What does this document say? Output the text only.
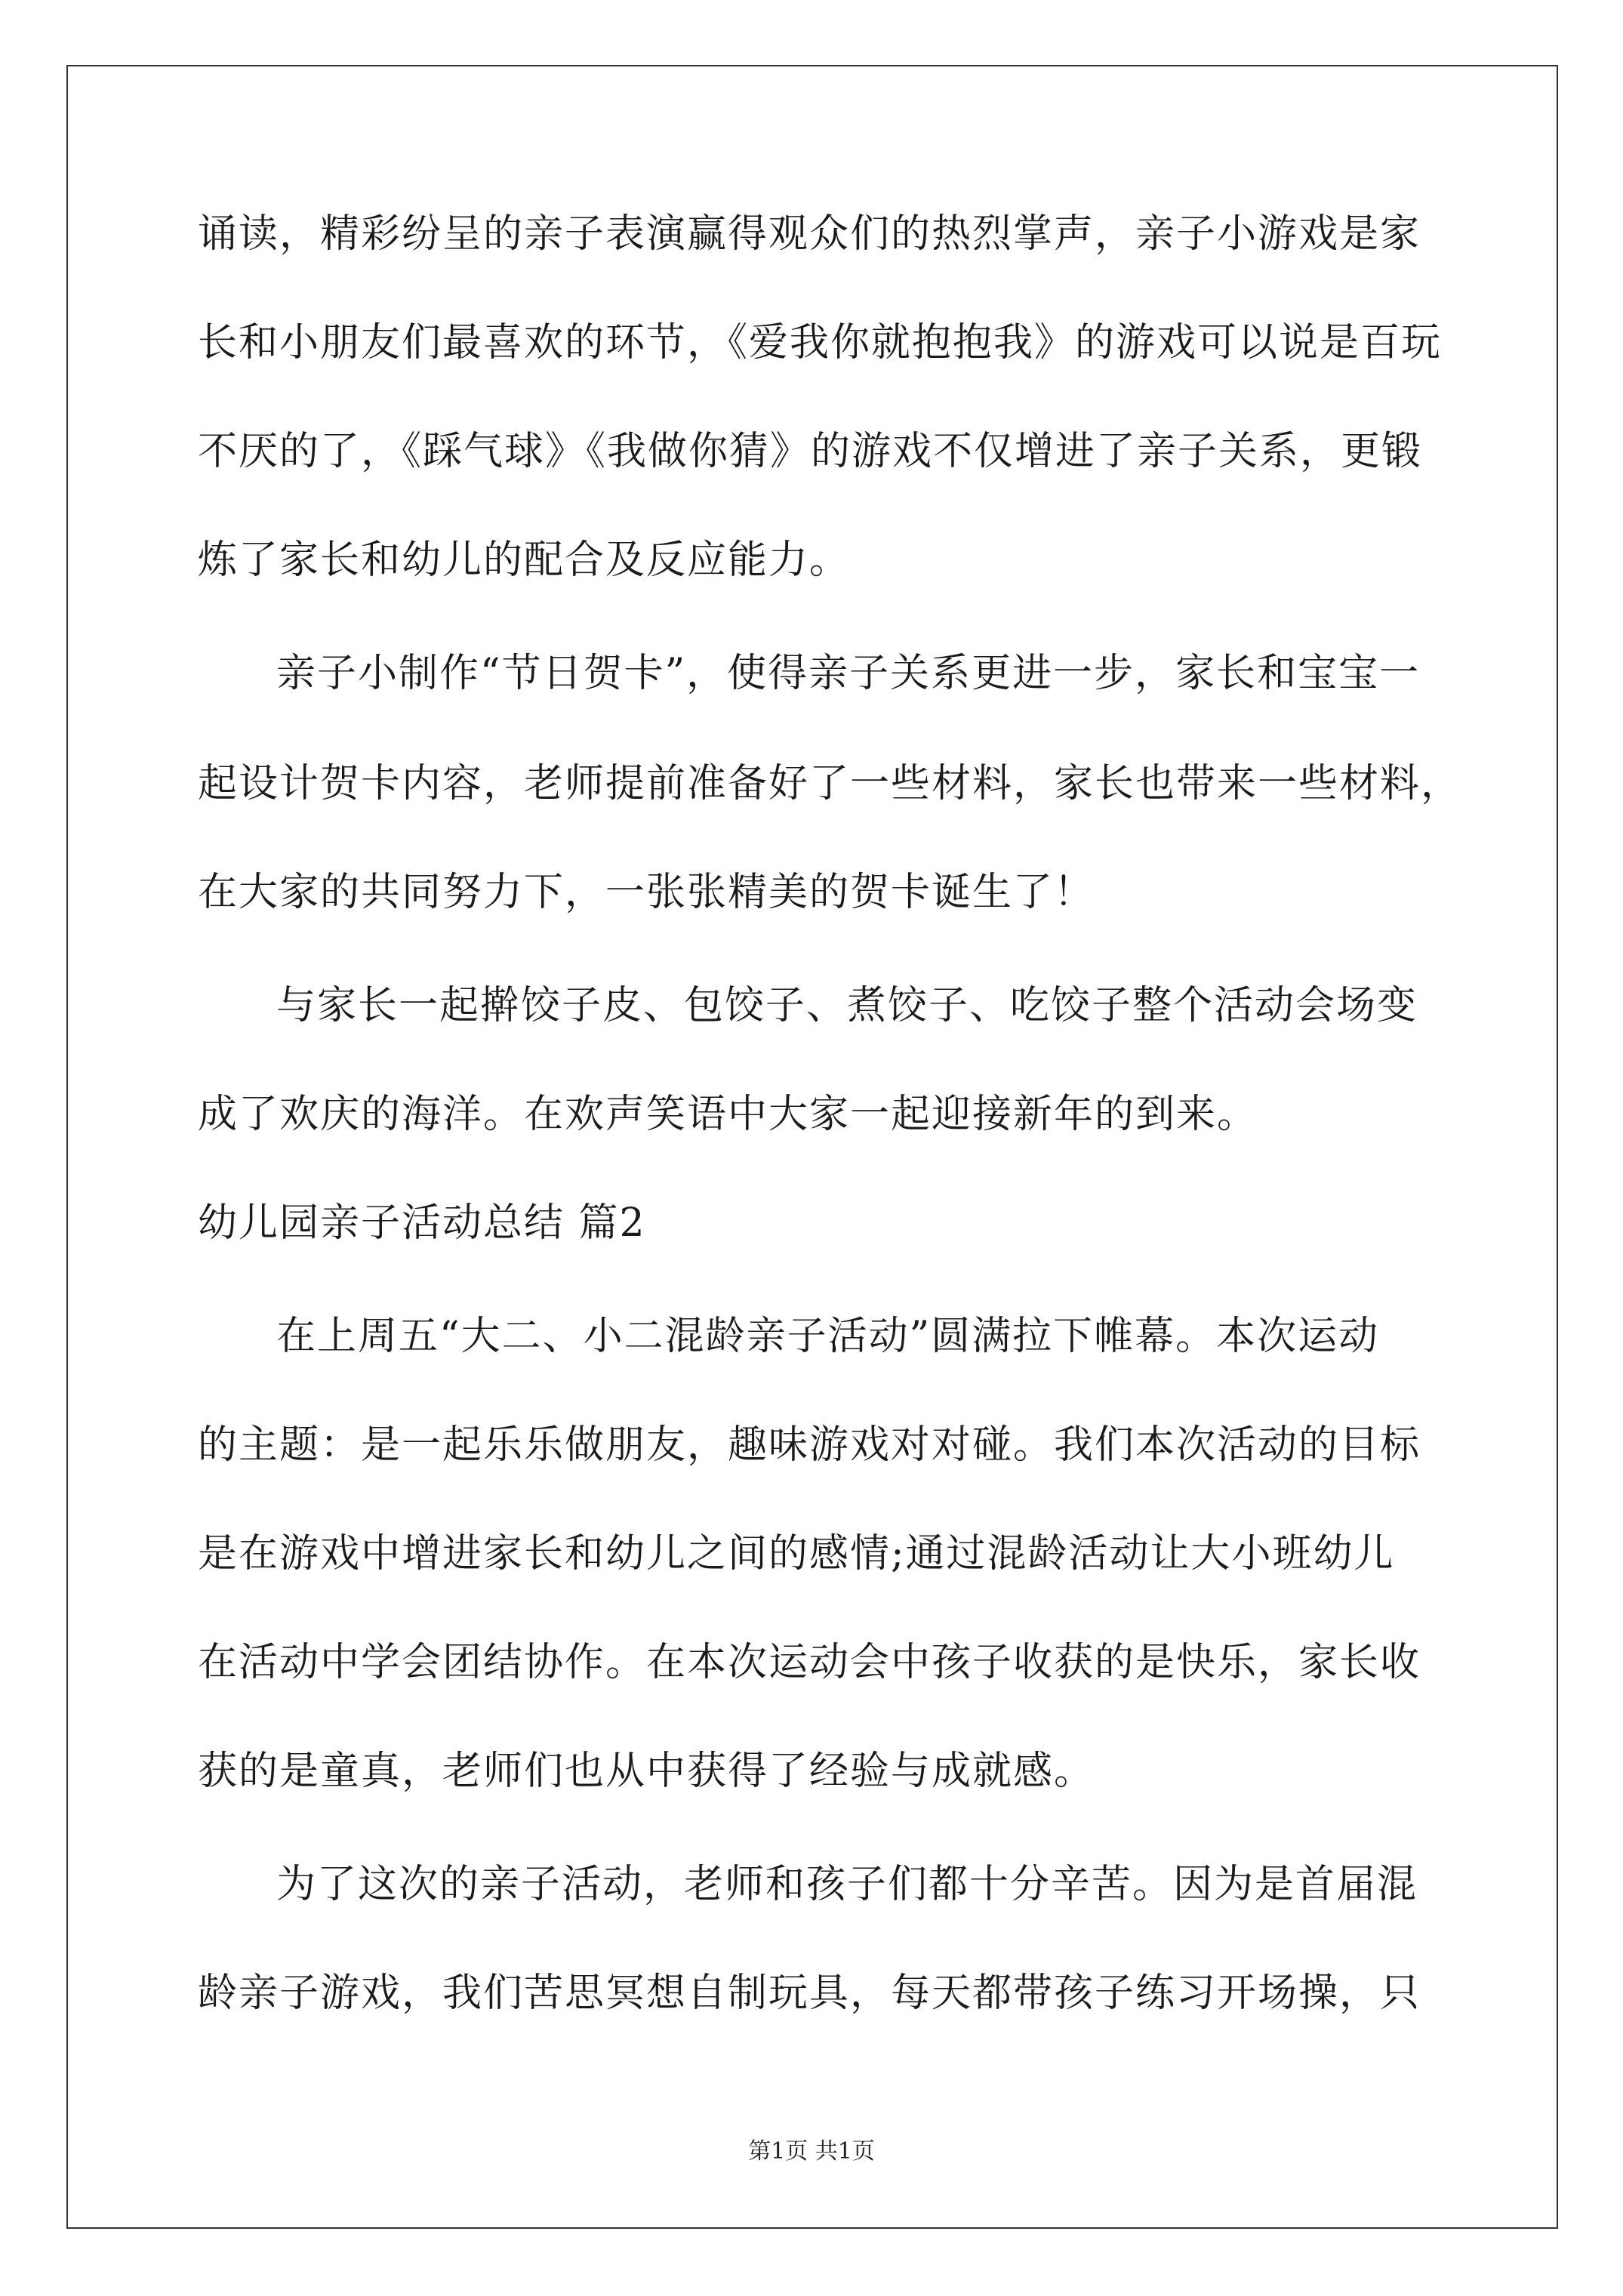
诵读，精彩纷呈的亲子表演赢得观众们的热烈掌声，亲子小游戏是家
长和小朋友们最喜欢的环节，《爱我你就抱抱我》的游戏可以说是百玩
不厌的了，《踩气球》《我做你猜》的游戏不仅增进了亲子关系，更锻
炼了家长和幼儿的配合及反应能力。
亲子小制作“节日贺卡”，使得亲子关系更进一步，家长和宝宝一
起设计贺卡内容，老师提前准备好了一些材料，家长也带来一些材料，
在大家的共同努力下，一张张精美的贺卡诞生了！
与家长一起擀饺子皮、包饺子、煮饺子、吃饺子整个活动会场变
成了欢庆的海洋。在欢声笑语中大家一起迎接新年的到来。
幼儿园亲子活动总结 篇2
在上周五“大二、小二混龄亲子活动”圆满拉下帷幕。本次运动
的主题：是一起乐乐做朋友，趣味游戏对对碰。我们本次活动的目标
是在游戏中增进家长和幼儿之间的感情;通过混龄活动让大小班幼儿
在活动中学会团结协作。在本次运动会中孩子收获的是快乐，家长收
获的是童真，老师们也从中获得了经验与成就感。
为了这次的亲子活动，老师和孩子们都十分辛苦。因为是首届混
龄亲子游戏，我们苦思冥想自制玩具，每天都带孩子练习开场操，只
第1页 共1页
